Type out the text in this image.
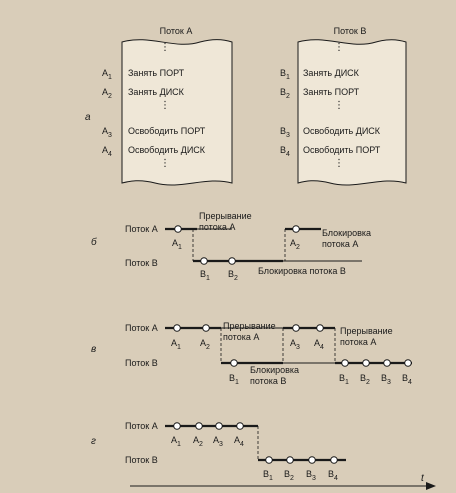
а
Поток А
⋮
$A_1$ Занять ПОРТ
$A_2$ Занять ДИСК
⋮
$A_3$ Освободить ПОРТ
$A_4$ Освободить ДИСК
⋮
Поток В
⋮
$B_1$ Занять ДИСК
$B_2$ Занять ПОРТ
⋮
$B_3$ Освободить ДИСК
$B_4$ Освободить ПОРТ
⋮
б
Поток А
Поток В
$A_1$	$A_2$
$B_1$ $B_2$
Прерывание
потока А
Блокировка
потока А
Блокировка потока В
в
Поток А
Поток В
$A_1$ $A_2$
$B_1$
$A_3$ $A_4$
$B_1$ $B_2$ $B_3$ $B_4$
Прерывание
потока А
Блокировка
потока В
Прерывание
потока А
г
Поток А
Поток В
$A_1$ $A_2$ $A_3$ $A_4$
$B_1$ $B_2$ $B_3$ $B_4$	t
